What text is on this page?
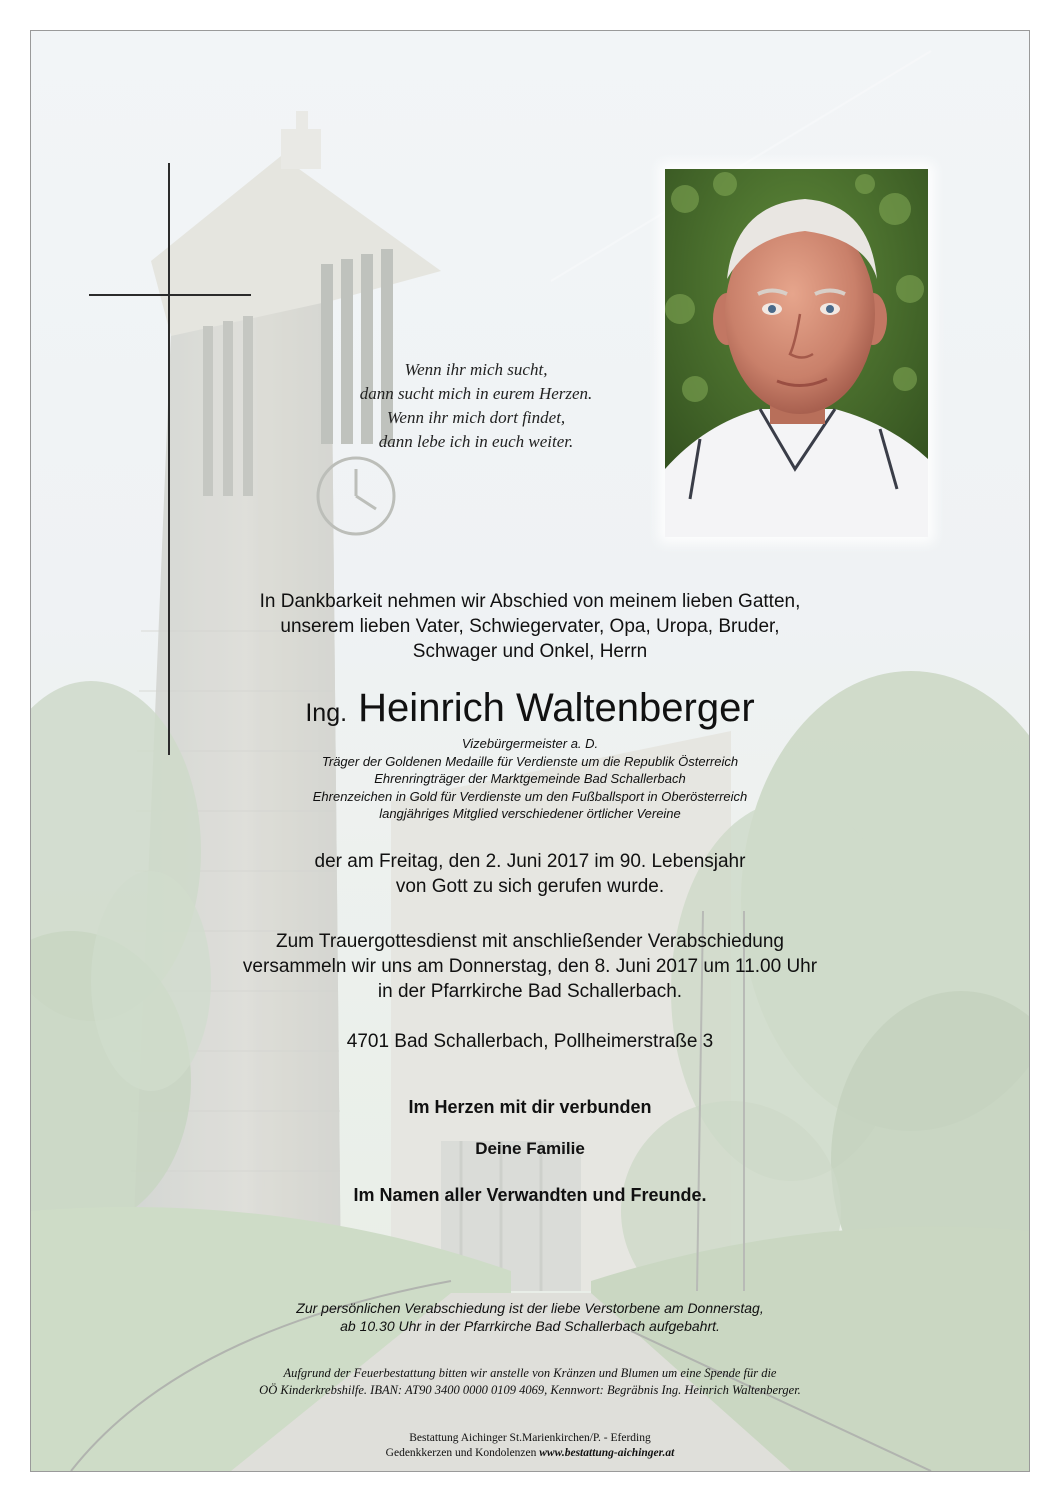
Wenn ihr mich sucht,
dann sucht mich in eurem Herzen.
Wenn ihr mich dort findet,
dann lebe ich in euch weiter.
In Dankbarkeit nehmen wir Abschied von meinem lieben Gatten,
unserem lieben Vater, Schwiegervater, Opa, Uropa, Bruder,
Schwager und Onkel, Herrn
Ing. Heinrich Waltenberger
Vizebürgermeister a. D.
Träger der Goldenen Medaille für Verdienste um die Republik Österreich
Ehrenringträger der Marktgemeinde Bad Schallerbach
Ehrenzeichen in Gold für Verdienste um den Fußballsport in Oberösterreich
langjähriges Mitglied verschiedener örtlicher Vereine
der am Freitag, den 2. Juni 2017 im 90. Lebensjahr
von Gott zu sich gerufen wurde.
Zum Trauergottesdienst mit anschließender Verabschiedung
versammeln wir uns am Donnerstag, den 8. Juni 2017 um 11.00 Uhr
in der Pfarrkirche Bad Schallerbach.
4701 Bad Schallerbach, Pollheimerstraße 3
Im Herzen mit dir verbunden
Deine Familie
Im Namen aller Verwandten und Freunde.
Zur persönlichen Verabschiedung ist der liebe Verstorbene am Donnerstag,
ab 10.30 Uhr in der Pfarrkirche Bad Schallerbach aufgebahrt.
Aufgrund der Feuerbestattung bitten wir anstelle von Kränzen und Blumen um eine Spende für die
OÖ Kinderkrebshilfe. IBAN: AT90 3400 0000 0109 4069, Kennwort: Begräbnis Ing. Heinrich Waltenberger.
Bestattung Aichinger St.Marienkirchen/P. - Eferding
Gedenkkerzen und Kondolenzen www.bestattung-aichinger.at
